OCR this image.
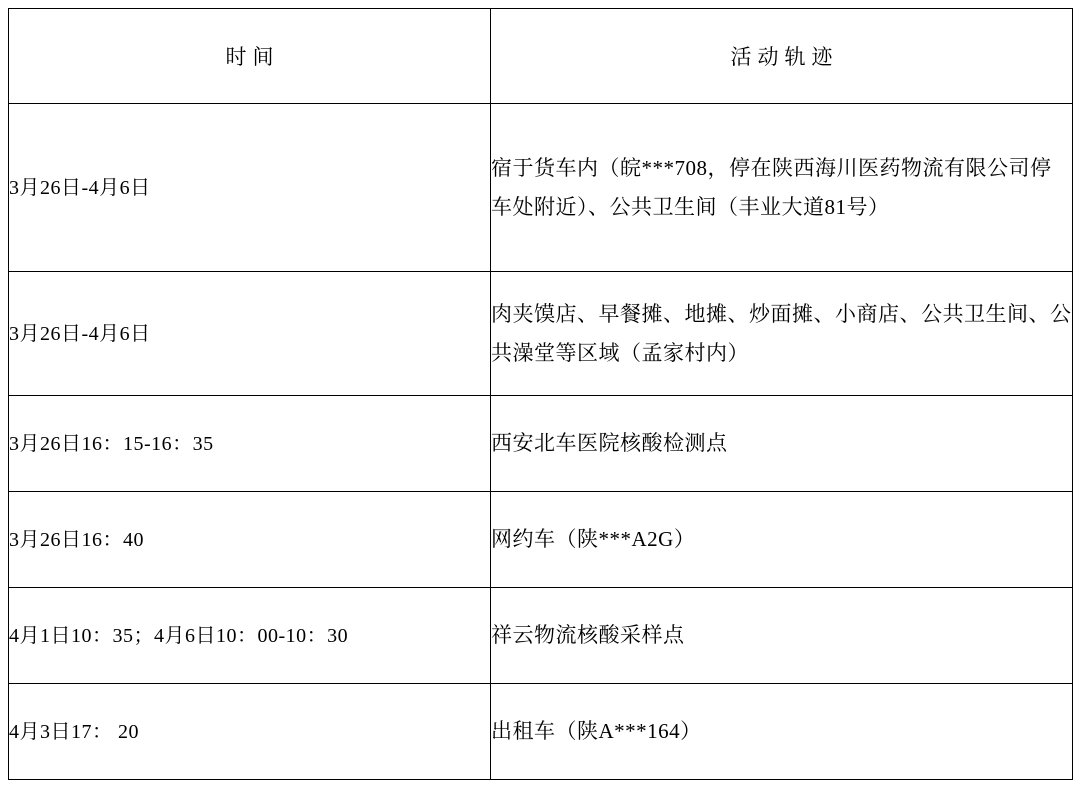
时间	活动轨迹
3月26日-4月6日	宿于货车内（皖***708，停在陕西海川医药物流有限公司停车处附近）、公共卫生间（丰业大道81号）
3月26日-4月6日	肉夹馍店、早餐摊、地摊、炒面摊、小商店、公共卫生间、公共澡堂等区域（孟家村内）
3月26日16：15-16：35	西安北车医院核酸检测点
3月26日16：40	网约车（陕***A2G）
4月1日10：35；4月6日10：00-10：30	祥云物流核酸采样点
4月3日17： 20	出租车（陕A***164）
